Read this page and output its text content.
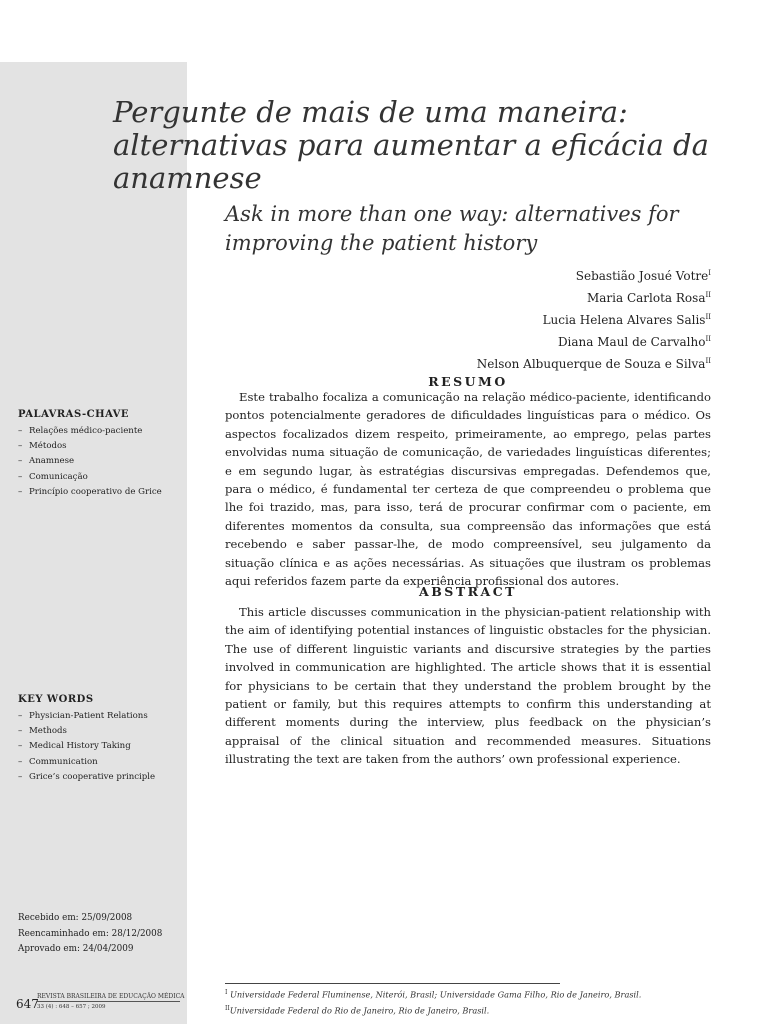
Pergunte de mais de uma maneira:
alternativas para aumentar a eficácia da
anamnese
Ask in more than one way: alternatives for
improving the patient history
Sebastião Josué Votre$^I$
Maria Carlota Rosa$^{II}$
Lucia Helena Alvares Salis$^{II}$
Diana Maul de Carvalho$^{II}$
Nelson Albuquerque de Souza e Silva$^{II}$
RESUMO

Este trabalho focaliza a comunicação na relação médico-paciente, identificando pontos potencialmente geradores de dificuldades linguísticas para o médico. Os aspectos focalizados dizem respeito, primeiramente, ao emprego, pelas partes envolvidas numa situação de comunicação, de variedades linguísticas diferentes; e em segundo lugar, às estratégias discursivas empregadas. Defendemos que, para o médico, é fundamental ter certeza de que compreendeu o problema que lhe foi trazido, mas, para isso, terá de procurar confirmar com o paciente, em diferentes momentos da consulta, sua compreensão das informações que está recebendo e saber passar-lhe, de modo compreensível, seu julgamento da situação clínica e as ações necessárias. As situações que ilustram os problemas aqui referidos fazem parte da experiência profissional dos autores.

ABSTRACT

This article discusses communication in the physician-patient relationship with the aim of identifying potential instances of linguistic obstacles for the physician. The use of different linguistic variants and discursive strategies by the parties involved in communication are highlighted. The article shows that it is essential for physicians to be certain that they understand the problem brought by the patient or family, but this requires attempts to confirm this understanding at different moments during the interview, plus feedback on the physician’s appraisal of the clinical situation and recommended measures. Situations illustrating the text are taken from the authors’ own professional experience.

PALAVRAS-CHAVE
– Relações médico-paciente
– Métodos
– Anamnese
– Comunicação
– Princípio cooperativo de Grice
KEY WORDS
– Physician-Patient Relations
– Methods
– Medical History Taking
– Communication
– Grice’s cooperative principle
Recebido em: 25/09/2008
Reencaminhado em: 28/12/2008
Aprovado em: 24/04/2009
647
REVISTA BRASILEIRA DE EDUCAÇÃO MÉDICA
33 (4) : 648 – 657 ; 2009
$^I$ Universidade Federal Fluminense, Niterói, Brasil; Universidade Gama Filho, Rio de Janeiro, Brasil.
$^{II}$Universidade Federal do Rio de Janeiro, Rio de Janeiro, Brasil.
